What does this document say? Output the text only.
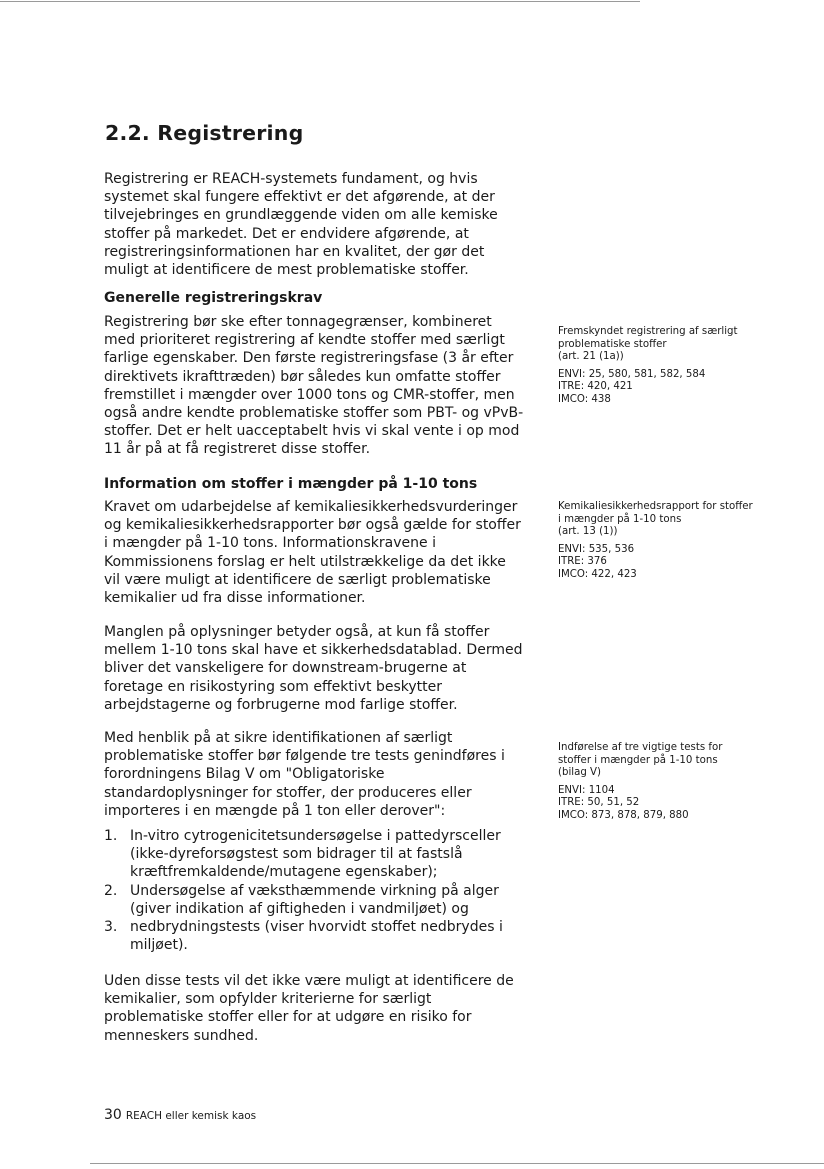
2.2. Registrering

Registrering er REACH-systemets fundament, og hvis systemet skal fungere effektivt er det afgørende, at der tilvejebringes en grundlæggende viden om alle kemiske stoffer på markedet. Det er endvidere afgørende, at registreringsinformationen har en kvalitet, der gør det muligt at identificere de mest problematiske stoffer.

Generelle registreringskrav

Registrering bør ske efter tonnagegrænser, kombineret med prioriteret registrering af kendte stoffer med særligt farlige egenskaber. Den første registreringsfase (3 år efter direktivets ikrafttræden) bør således kun omfatte stoffer fremstillet i mængder over 1000 tons og CMR-stoffer, men også andre kendte problematiske stoffer som PBT- og vPvB-stoffer. Det er helt uacceptabelt hvis vi skal vente i op mod 11 år på at få registreret disse stoffer.

Information om stoffer i mængder på 1-10 tons

Kravet om udarbejdelse af kemikaliesikkerhedsvurderinger og kemikaliesikkerhedsrapporter bør også gælde for stoffer i mængder på 1-10 tons. Informationskravene i Kommissionens forslag er helt utilstrækkelige da det ikke vil være muligt at identificere de særligt problematiske kemikalier ud fra disse informationer.

Manglen på oplysninger betyder også, at kun få stoffer mellem 1-10 tons skal have et sikkerhedsdatablad. Dermed bliver det vanskeligere for downstream-brugerne at foretage en risikostyring som effektivt beskytter arbejdstagerne og forbrugerne mod farlige stoffer.

Med henblik på at sikre identifikationen af særligt problematiske stoffer bør følgende tre tests genindføres i forordningens Bilag V om "Obligatoriske standardoplysninger for stoffer, der produceres eller importeres i en mængde på 1 ton eller derover":

1. In-vitro cytrogenicitetsundersøgelse i pattedyrsceller (ikke-dyreforsøgstest som bidrager til at fastslå kræftfremkaldende/mutagene egenskaber);
2. Undersøgelse af væksthæmmende virkning på alger (giver indikation af giftigheden i vandmiljøet) og
3. nedbrydningstests (viser hvorvidt stoffet nedbrydes i miljøet).

Uden disse tests vil det ikke være muligt at identificere de kemikalier, som opfylder kriterierne for særligt problematiske stoffer eller for at udgøre en risiko for menneskers sundhed.

Fremskyndet registrering af særligt problematiske stoffer

(art. 21 (1a))

ENVI: 25, 580, 581, 582, 584

ITRE: 420, 421

IMCO: 438

Kemikaliesikkerhedsrapport for stoffer i mængder på 1-10 tons

(art. 13 (1))

ENVI: 535, 536

ITRE: 376

IMCO: 422, 423

Indførelse af tre vigtige tests for stoffer i mængder på 1-10 tons

(bilag V)

ENVI: 1104

ITRE: 50, 51, 52

IMCO: 873, 878, 879, 880

30 REACH eller kemisk kaos
